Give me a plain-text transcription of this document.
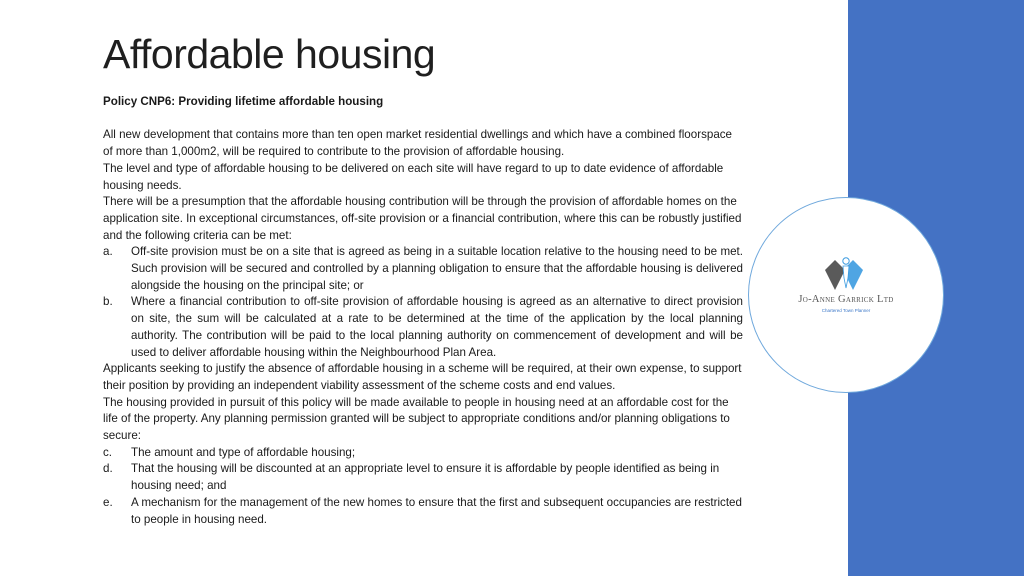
Affordable housing

Policy CNP6: Providing lifetime affordable housing

All new development that contains more than ten open market residential dwellings and which have a combined floorspace of more than 1,000m2, will be required to contribute to the provision of affordable housing.

The level and type of affordable housing to be delivered on each site will have regard to up to date evidence of affordable housing needs.

There will be a presumption that the affordable housing contribution will be through the provision of affordable homes on the application site. In exceptional circumstances, off-site provision or a financial contribution, where this can be robustly justified and the following criteria can be met:

a.	Off-site provision must be on a site that is agreed as being in a suitable location relative to the housing need to be met. Such provision will be secured and controlled by a planning obligation to ensure that the affordable housing is delivered alongside the housing on the principal site; or
b.	Where a financial contribution to off-site provision of affordable housing is agreed as an alternative to direct provision on site, the sum will be calculated at a rate to be determined at the time of the application by the local planning authority. The contribution will be paid to the local planning authority on commencement of development and will be used to deliver affordable housing within the Neighbourhood Plan Area.

Applicants seeking to justify the absence of affordable housing in a scheme will be required, at their own expense, to support their position by providing an independent viability assessment of the scheme costs and end values.

The housing provided in pursuit of this policy will be made available to people in housing need at an affordable cost for the life of the property. Any planning permission granted will be subject to appropriate conditions and/or planning obligations to secure:

c.	The amount and type of affordable housing;
d.	That the housing will be discounted at an appropriate level to ensure it is affordable by people identified as being in housing need; and
e.	A mechanism for the management of the new homes to ensure that the first and subsequent occupancies are restricted to people in housing need.
Jo-Anne Garrick Ltd
Chartered Town Planner
